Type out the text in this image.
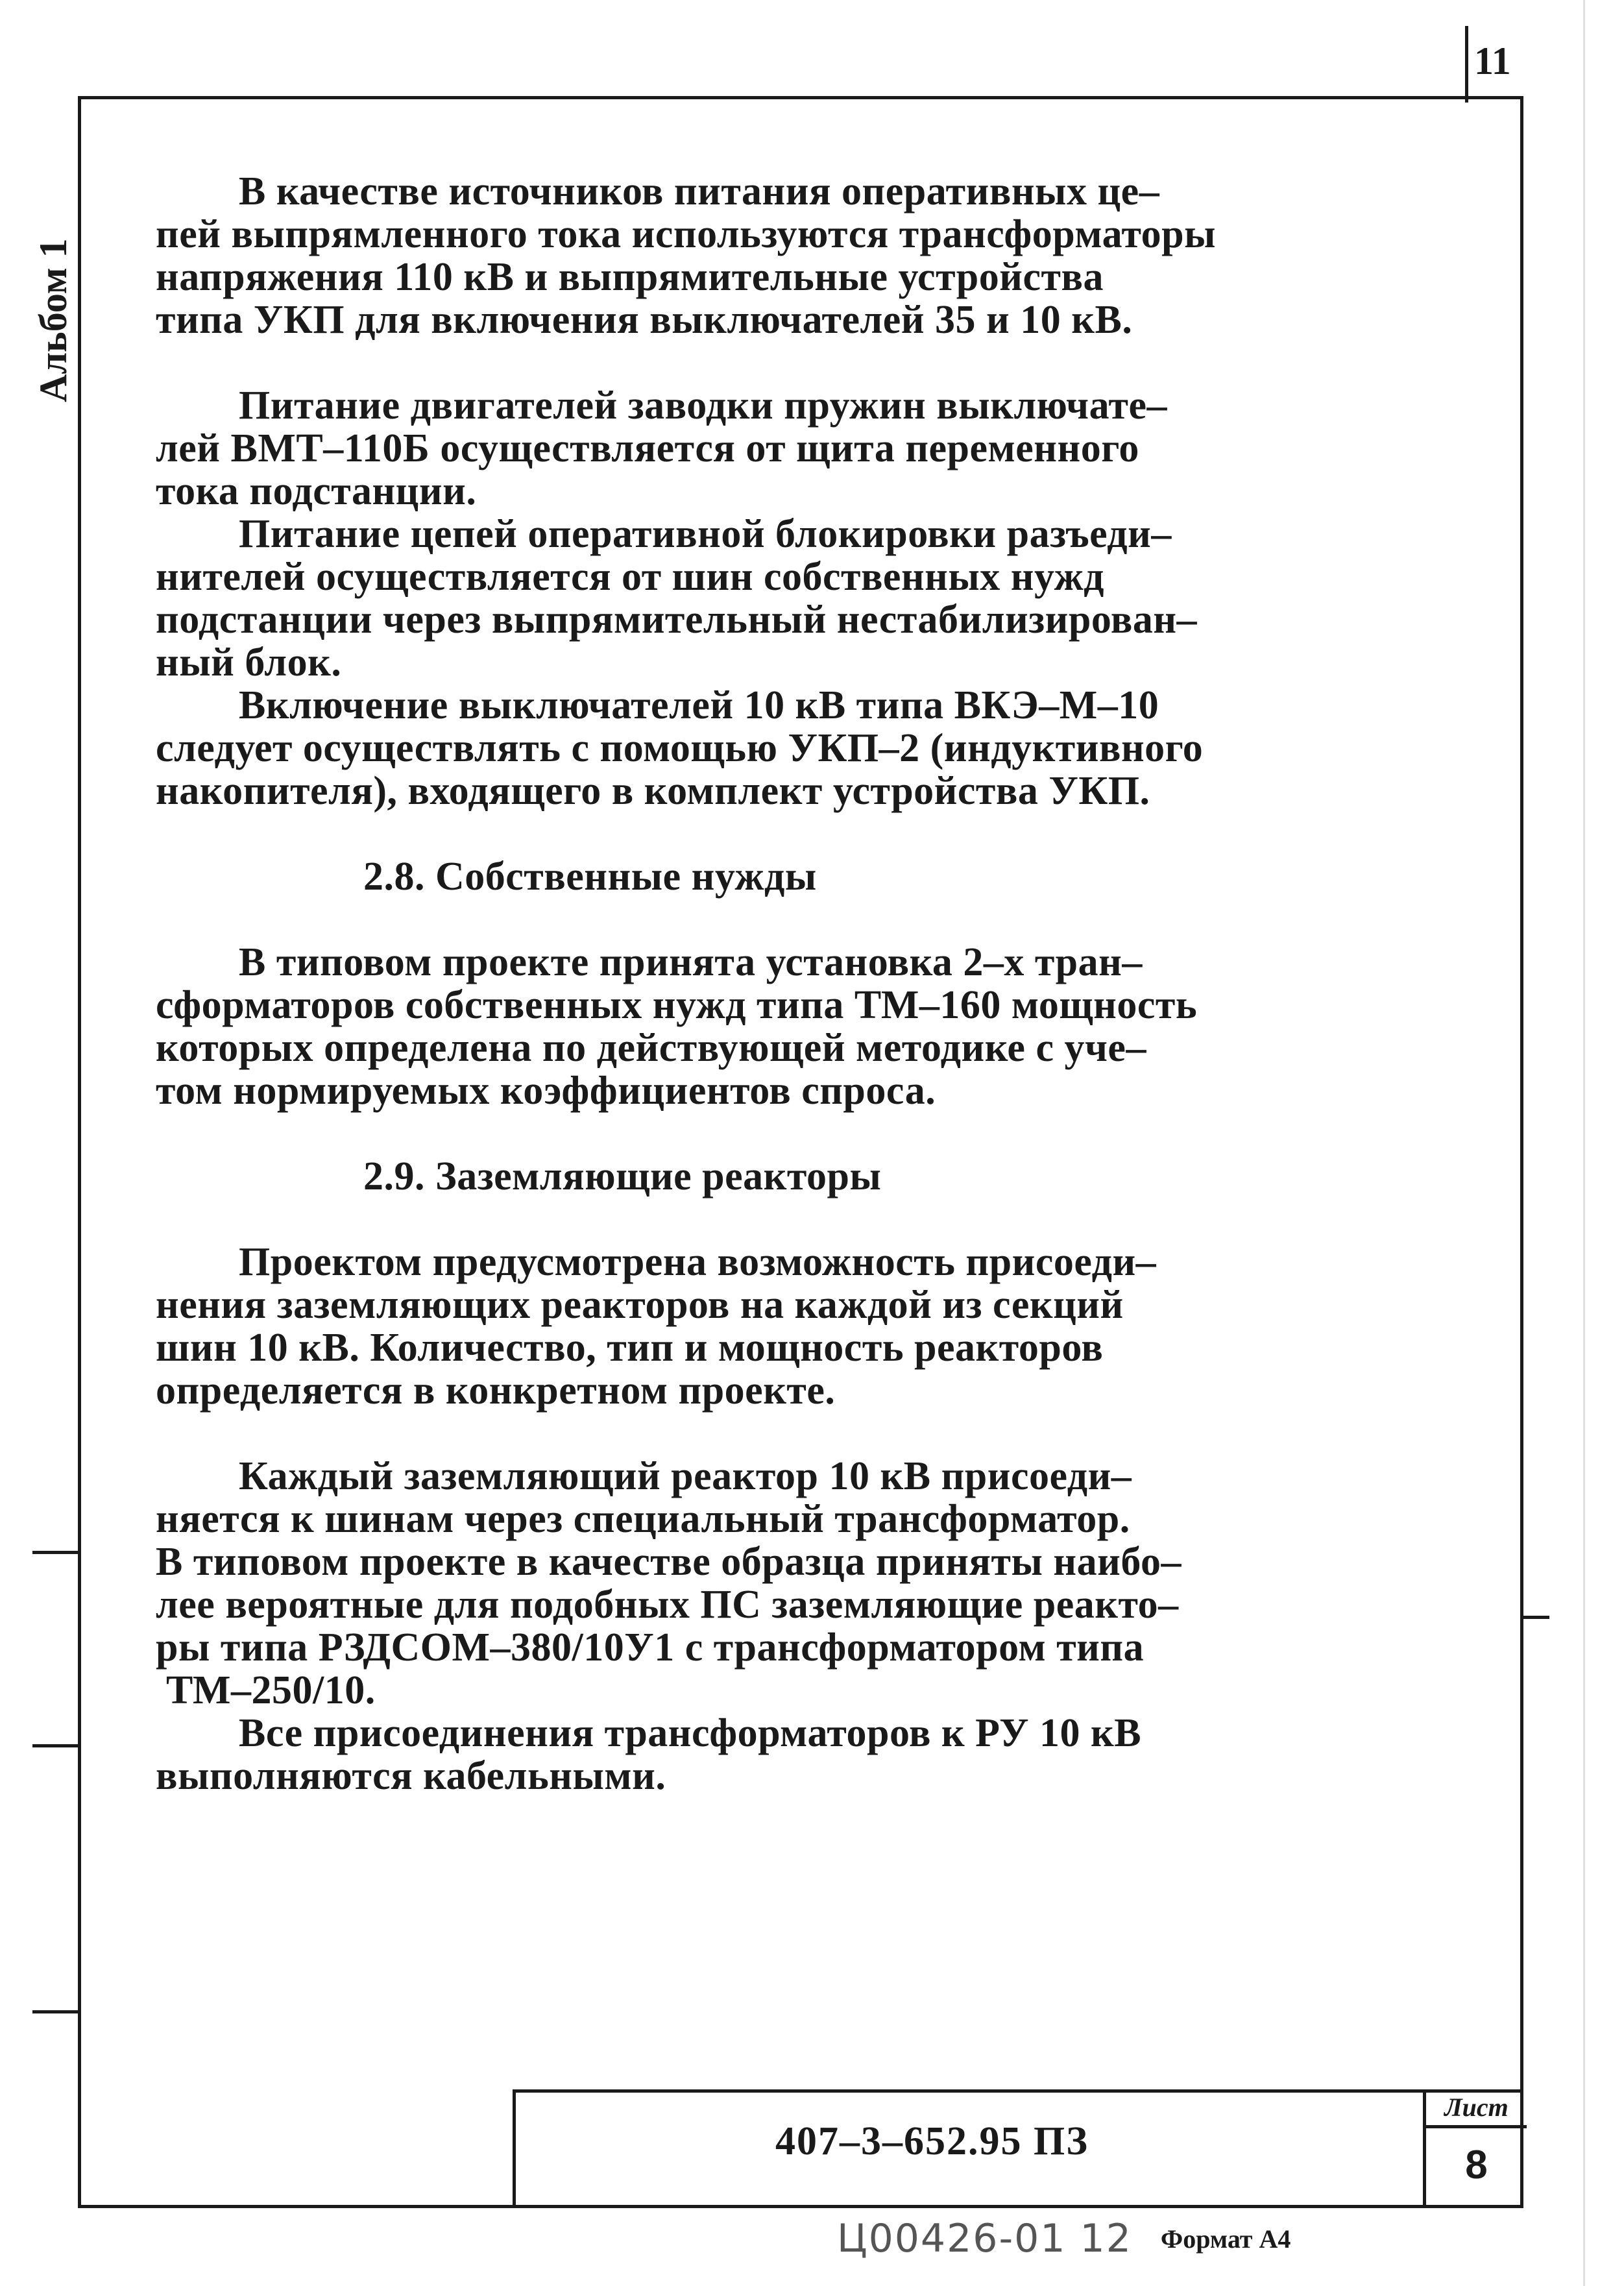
11
Альбом 1

В качестве источников питания оперативных це–

пей выпрямленного тока используются трансформаторы

напряжения 110 кВ и выпрямительные устройства

типа УКП для включения выключателей 35 и 10 кВ.

Питание двигателей заводки пружин выключате–

лей ВМТ–110Б осуществляется от щита переменного

тока подстанции.

Питание цепей оперативной блокировки разъеди–

нителей осуществляется от шин собственных нужд

подстанции через выпрямительный нестабилизирован–

ный блок.

Включение выключателей 10 кВ типа ВКЭ–М–10

следует осуществлять с помощью УКП–2 (индуктивного

накопителя), входящего в комплект устройства УКП.

2.8. Собственные нужды

В типовом проекте принята установка 2–х тран–

сформаторов собственных нужд типа ТМ–160 мощность

которых определена по действующей методике с уче–

том нормируемых коэффициентов спроса.

2.9. Заземляющие реакторы

Проектом предусмотрена возможность присоеди–

нения заземляющих реакторов на каждой из секций

шин 10 кВ. Количество, тип и мощность реакторов

определяется в конкретном проекте.

Каждый заземляющий реактор 10 кВ присоеди–

няется к шинам через специальный трансформатор.

В типовом проекте в качестве образца приняты наибо–

лее вероятные для подобных ПС заземляющие реакто–

ры типа РЗДСОМ–380/10У1 с трансформатором типа

ТМ–250/10.

Все присоединения трансформаторов к РУ 10 кВ

выполняются кабельными.

407–3–652.95 ПЗ
Лист
8
Ц00426-01 12 Формат А4
